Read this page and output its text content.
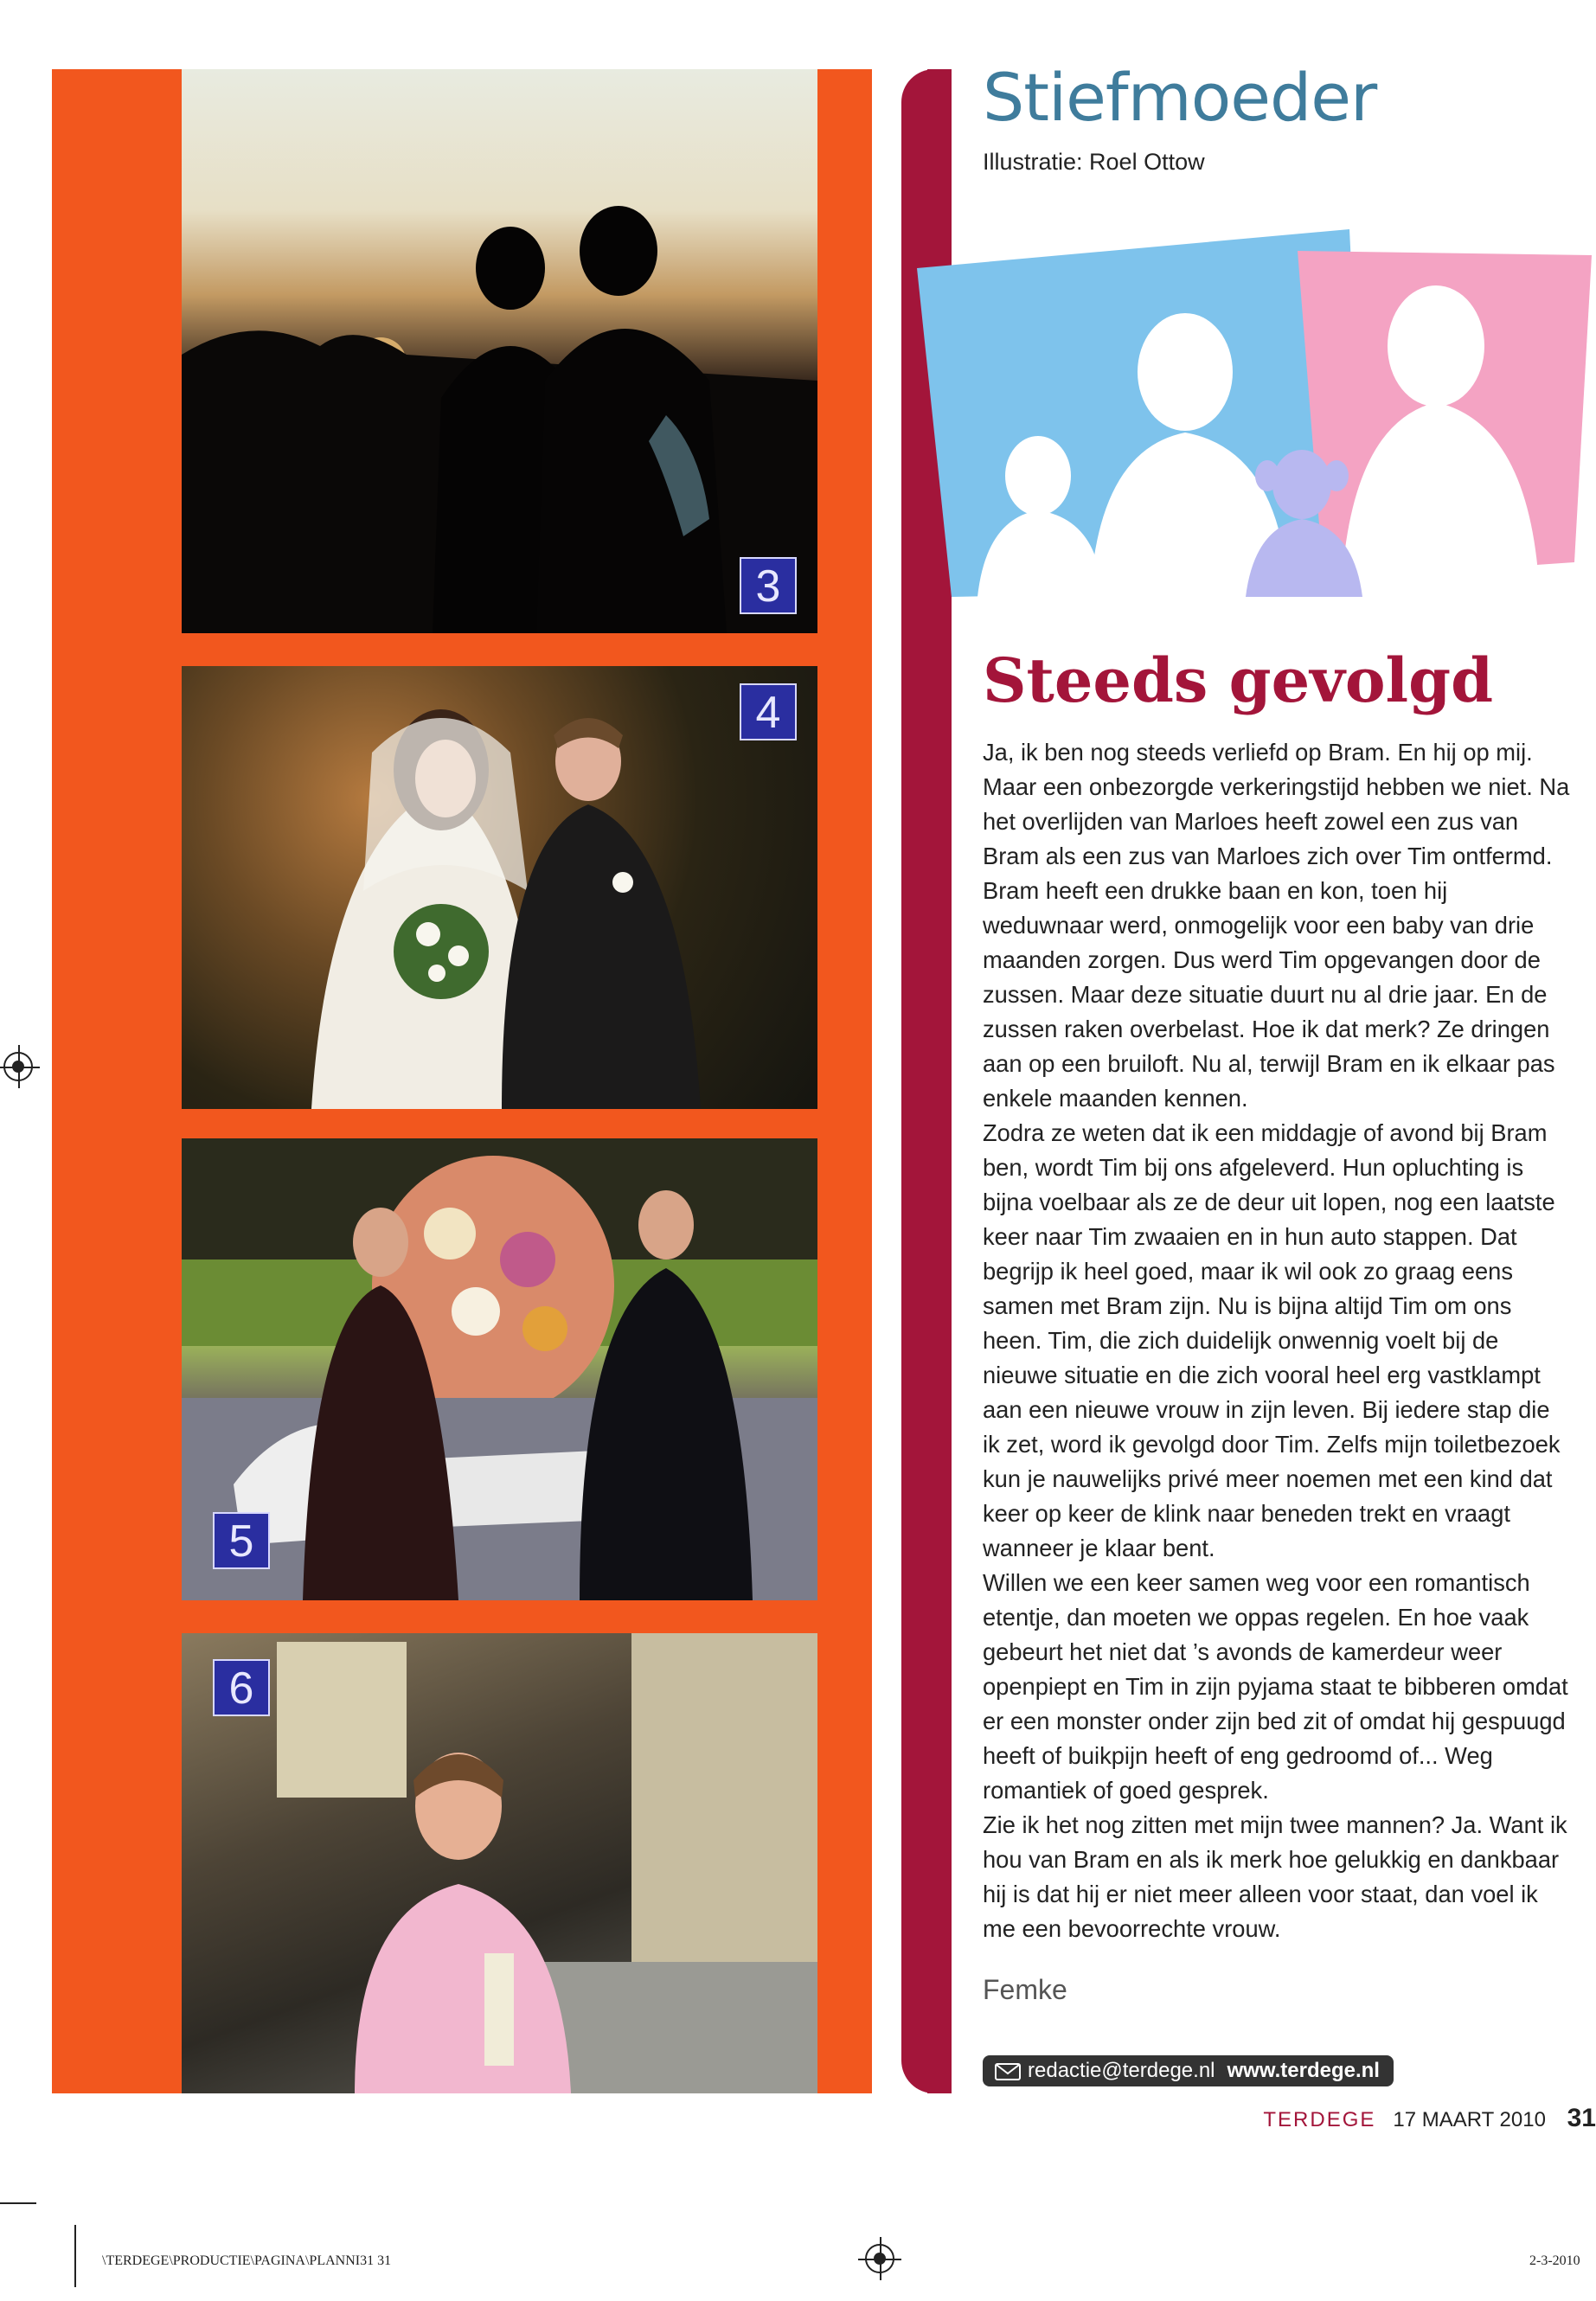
3
4
5
6
Stiefmoeder
Illustratie: Roel Ottow
Steeds gevolgd

Ja, ik ben nog steeds verliefd op Bram. En hij op mij. Maar een onbezorgde verkeringstijd hebben we niet. Na het overlijden van Marloes heeft zowel een zus van Bram als een zus van Marloes zich over Tim ontfermd. Bram heeft een drukke baan en kon, toen hij weduwnaar werd, onmogelijk voor een baby van drie maanden zorgen. Dus werd Tim opgevangen door de zussen. Maar deze situatie duurt nu al drie jaar. En de zussen raken overbelast. Hoe ik dat merk? Ze dringen aan op een bruiloft. Nu al, terwijl Bram en ik elkaar pas enkele maanden kennen.

Zodra ze weten dat ik een middagje of avond bij Bram ben, wordt Tim bij ons afgeleverd. Hun opluchting is bijna voelbaar als ze de deur uit lopen, nog een laatste keer naar Tim zwaaien en in hun auto stappen. Dat begrijp ik heel goed, maar ik wil ook zo graag eens samen met Bram zijn. Nu is bijna altijd Tim om ons heen. Tim, die zich duidelijk onwennig voelt bij de nieuwe situatie en die zich vooral heel erg vastklampt aan een nieuwe vrouw in zijn leven. Bij iedere stap die ik zet, word ik gevolgd door Tim. Zelfs mijn toiletbezoek kun je nauwelijks privé meer noemen met een kind dat keer op keer de klink naar beneden trekt en vraagt wanneer je klaar bent.

Willen we een keer samen weg voor een romantisch etentje, dan moeten we oppas regelen. En hoe vaak gebeurt het niet dat ’s avonds de kamerdeur weer openpiept en Tim in zijn pyjama staat te bibberen omdat er een monster onder zijn bed zit of omdat hij gespuugd heeft of buikpijn heeft of eng gedroomd of... Weg romantiek of goed gesprek.

Zie ik het nog zitten met mijn twee mannen? Ja. Want ik hou van Bram en als ik merk hoe gelukkig en dankbaar hij is dat hij er niet meer alleen voor staat, dan voel ik me een bevoorrechte vrouw.

Femke
redactie@terdege.nl www.terdege.nl
TERDEGE 17 MAART 2010 31
\TERDEGE\PRODUCTIE\PAGINA\PLANNI31 31	2-3-2010
